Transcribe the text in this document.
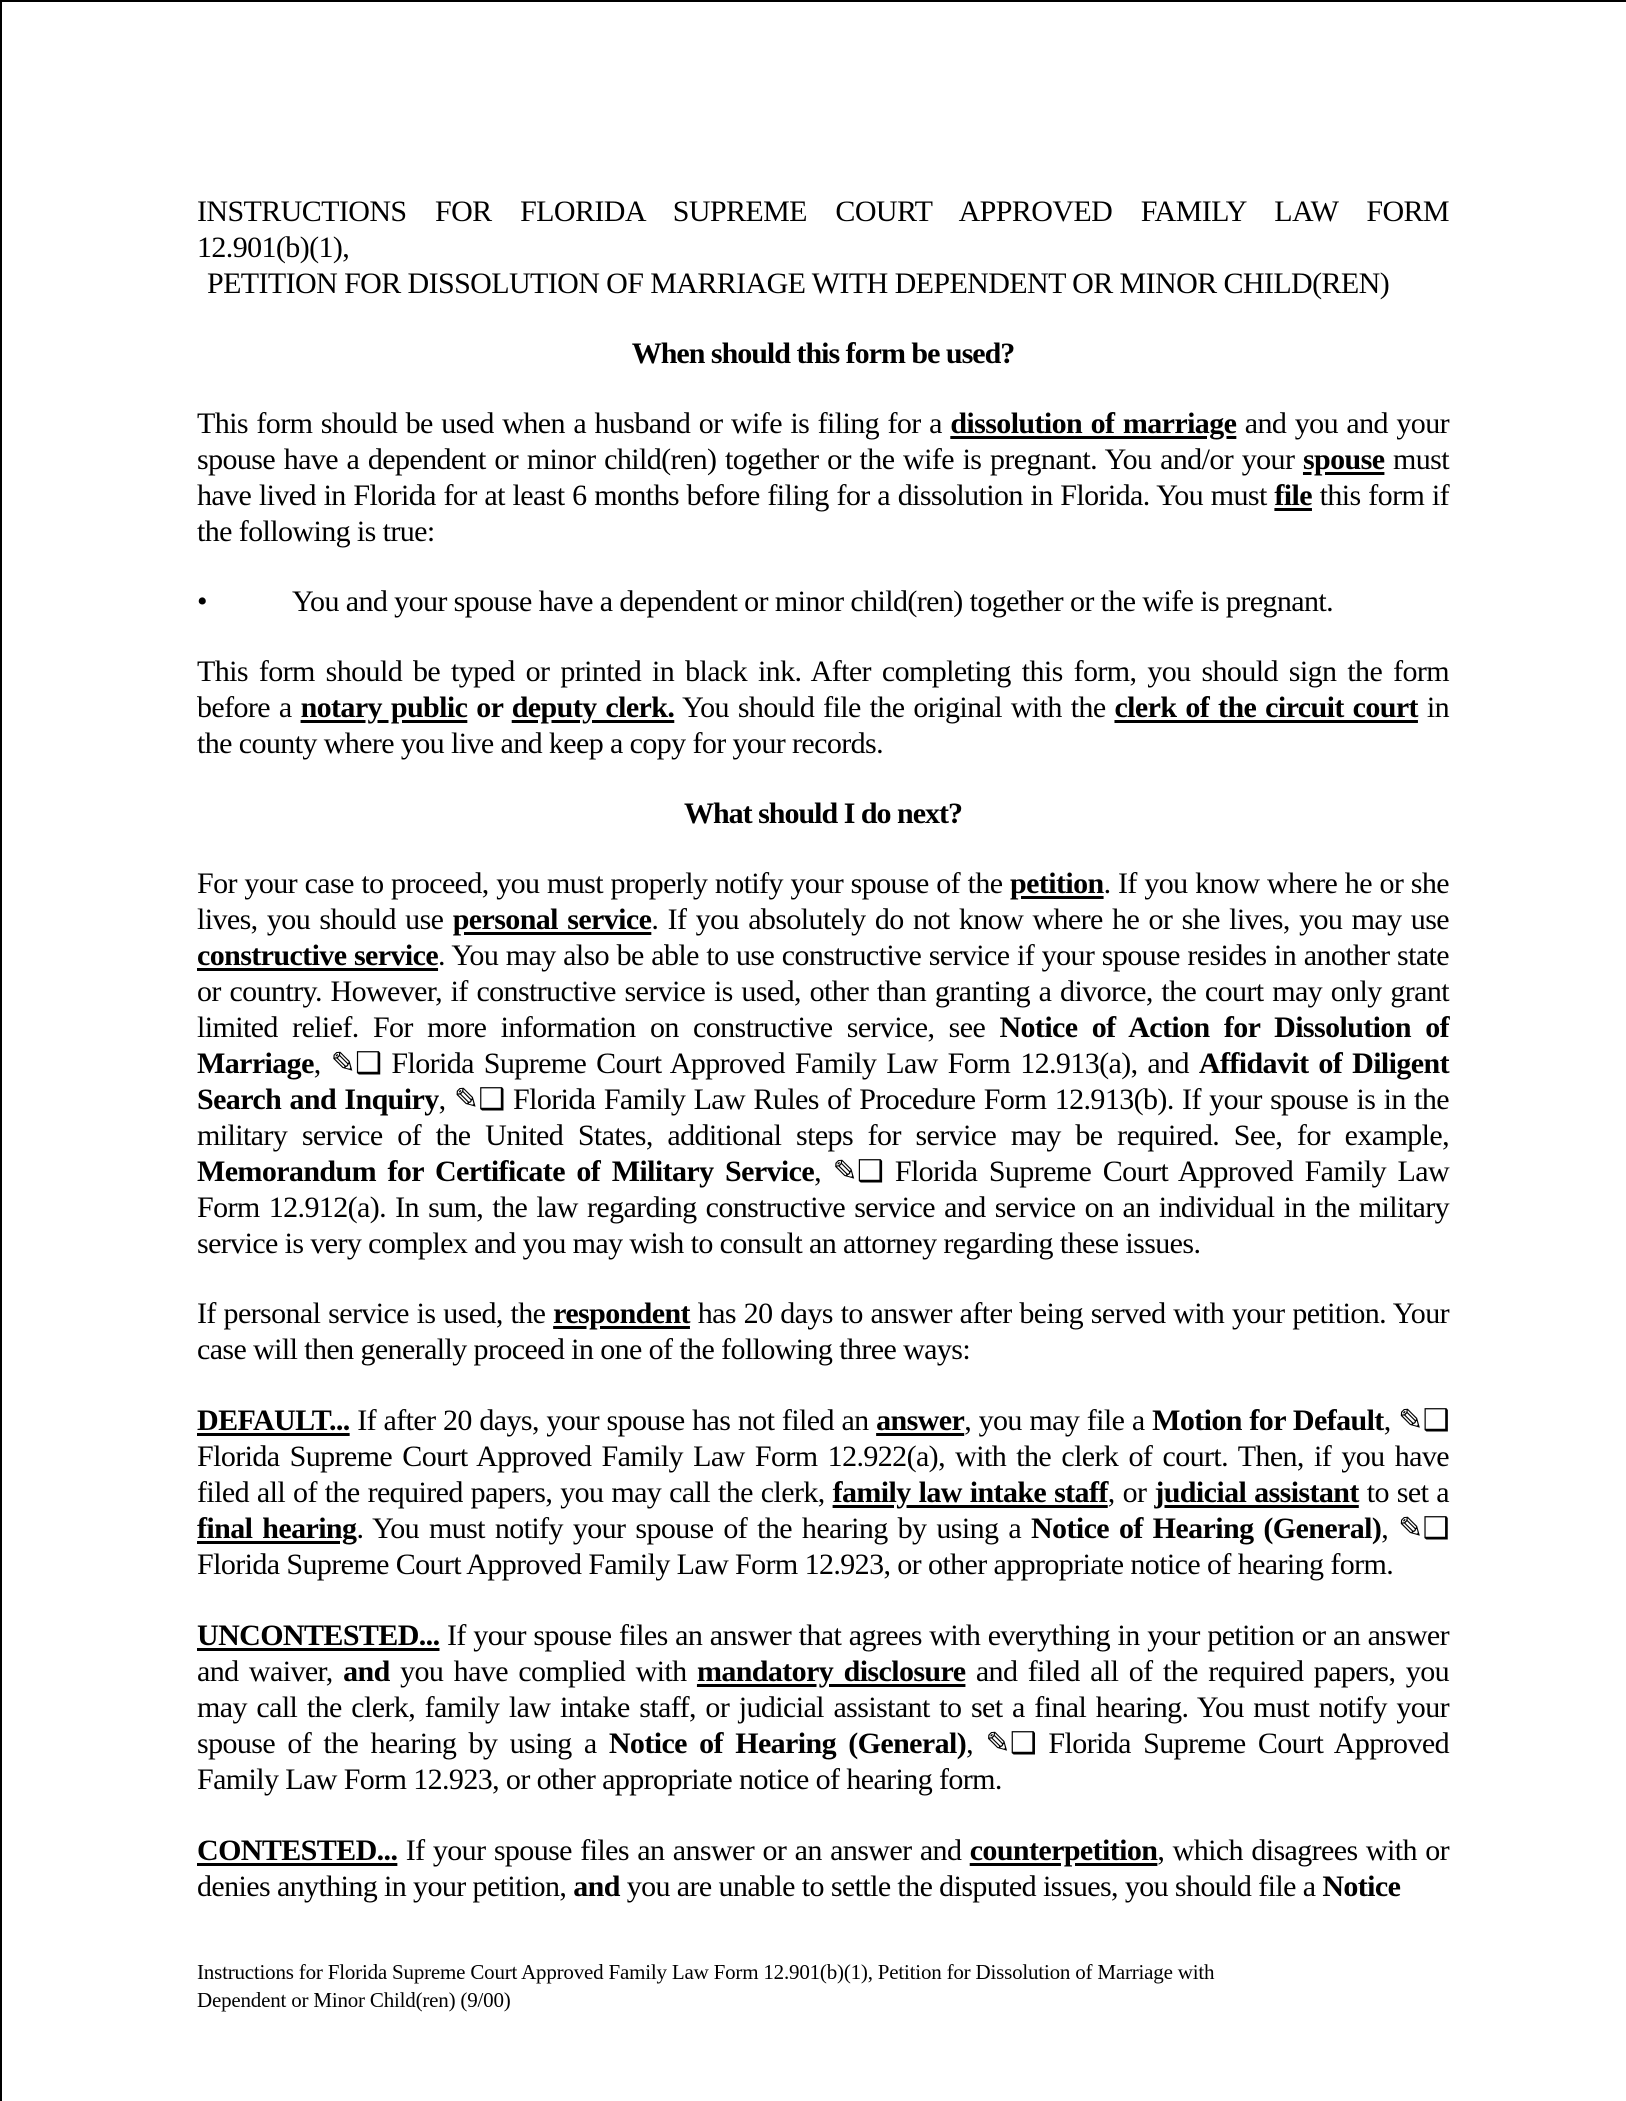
INSTRUCTIONS FOR FLORIDA SUPREME COURT APPROVED FAMILY LAW FORM
12.901(b)(1),
PETITION FOR DISSOLUTION OF MARRIAGE WITH DEPENDENT OR MINOR CHILD(REN)
When should this form be used?

This form should be used when a husband or wife is filing for a dissolution of marriage and you and your spouse have a dependent or minor child(ren) together or the wife is pregnant. You and/or your spouse must have lived in Florida for at least 6 months before filing for a dissolution in Florida. You must file this form if the following is true:

•	You and your spouse have a dependent or minor child(ren) together or the wife is pregnant.

This form should be typed or printed in black ink. After completing this form, you should sign the form before a notary public or deputy clerk. You should file the original with the clerk of the circuit court in the county where you live and keep a copy for your records.

What should I do next?

For your case to proceed, you must properly notify your spouse of the petition. If you know where he or she lives, you should use personal service. If you absolutely do not know where he or she lives, you may use constructive service. You may also be able to use constructive service if your spouse resides in another state or country. However, if constructive service is used, other than granting a divorce, the court may only grant limited relief. For more information on constructive service, see Notice of Action for Dissolution of Marriage, ✎❑ Florida Supreme Court Approved Family Law Form 12.913(a), and Affidavit of Diligent Search and Inquiry, ✎❑ Florida Family Law Rules of Procedure Form 12.913(b). If your spouse is in the military service of the United States, additional steps for service may be required. See, for example, Memorandum for Certificate of Military Service, ✎❑ Florida Supreme Court Approved Family Law Form 12.912(a). In sum, the law regarding constructive service and service on an individual in the military service is very complex and you may wish to consult an attorney regarding these issues.

If personal service is used, the respondent has 20 days to answer after being served with your petition. Your case will then generally proceed in one of the following three ways:

DEFAULT... If after 20 days, your spouse has not filed an answer, you may file a Motion for Default, ✎❑ Florida Supreme Court Approved Family Law Form 12.922(a), with the clerk of court. Then, if you have filed all of the required papers, you may call the clerk, family law intake staff, or judicial assistant to set a final hearing. You must notify your spouse of the hearing by using a Notice of Hearing (General), ✎❑ Florida Supreme Court Approved Family Law Form 12.923, or other appropriate notice of hearing form.

UNCONTESTED... If your spouse files an answer that agrees with everything in your petition or an answer and waiver, and you have complied with mandatory disclosure and filed all of the required papers, you may call the clerk, family law intake staff, or judicial assistant to set a final hearing. You must notify your spouse of the hearing by using a Notice of Hearing (General), ✎❑ Florida Supreme Court Approved Family Law Form 12.923, or other appropriate notice of hearing form.

CONTESTED... If your spouse files an answer or an answer and counterpetition, which disagrees with or denies anything in your petition, and you are unable to settle the disputed issues, you should file a Notice

Instructions for Florida Supreme Court Approved Family Law Form 12.901(b)(1), Petition for Dissolution of Marriage with
Dependent or Minor Child(ren) (9/00)
